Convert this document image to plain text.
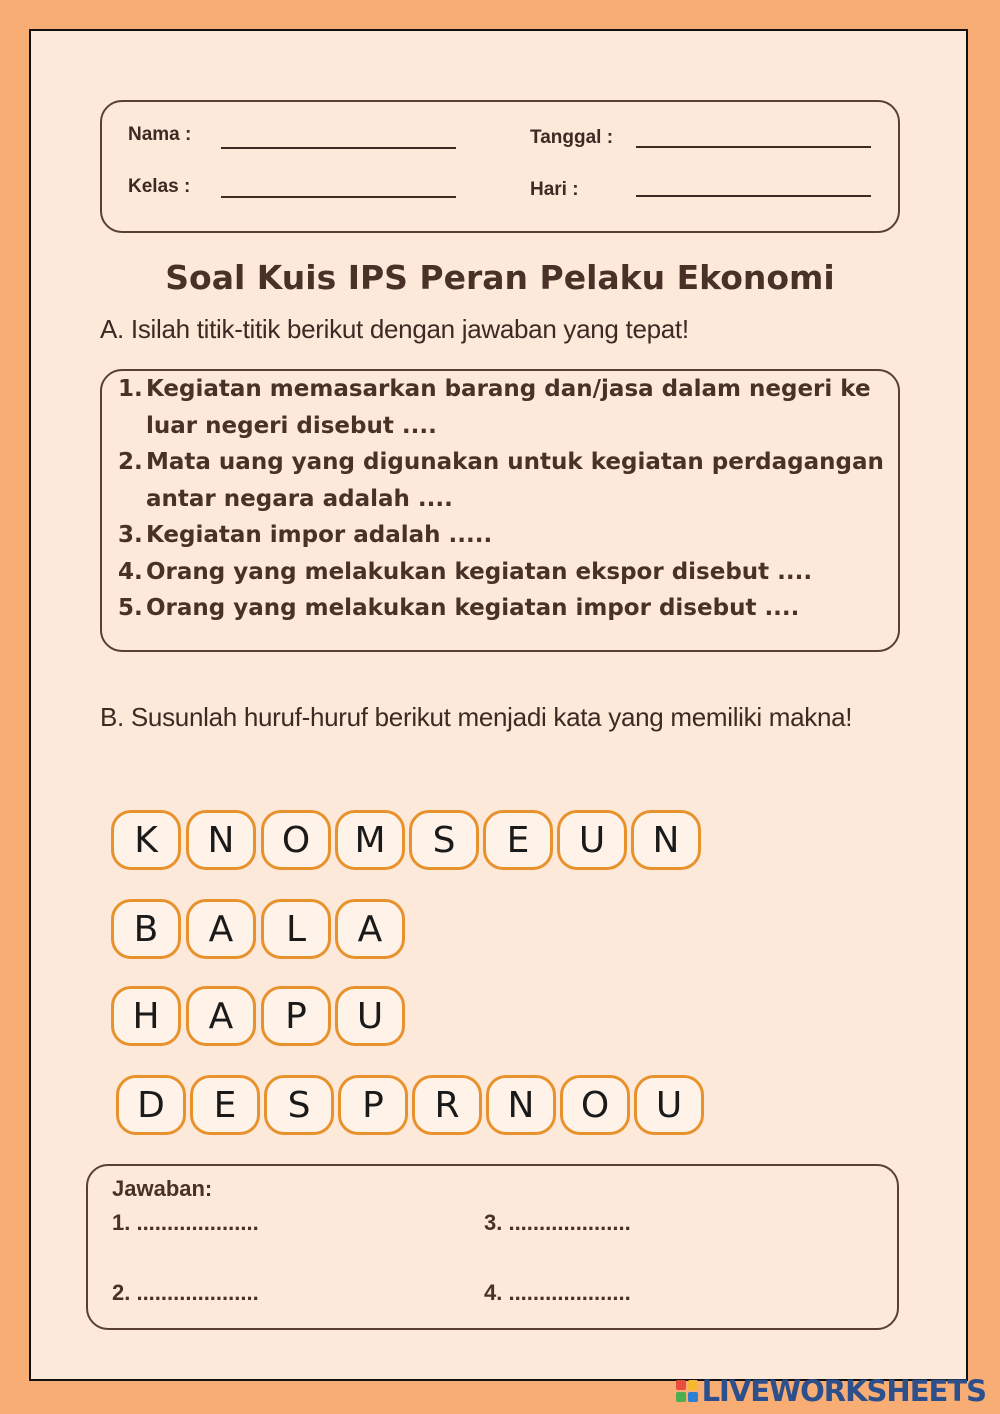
Nama :
Kelas :
Tanggal :
Hari :
Soal Kuis IPS Peran Pelaku Ekonomi
A. Isilah titik-titik berikut dengan jawaban yang tepat!
1. Kegiatan memasarkan barang dan/jasa dalam negeri ke luar negeri disebut ....
2. Mata uang yang digunakan untuk kegiatan perdagangan antar negara adalah ....
3. Kegiatan impor adalah .....
4. Orang yang melakukan kegiatan ekspor disebut ....
5. Orang yang melakukan kegiatan impor disebut ....
B. Susunlah huruf-huruf berikut menjadi kata yang memiliki makna!
K	N	O	M	S	E	U	N
B	A	L	A
H	A	P	U
D	E	S	P	R	N	O	U
Jawaban:
1. ....................	3. ....................
2. ....................	4. ....................
LIVEWORKSHEETS
